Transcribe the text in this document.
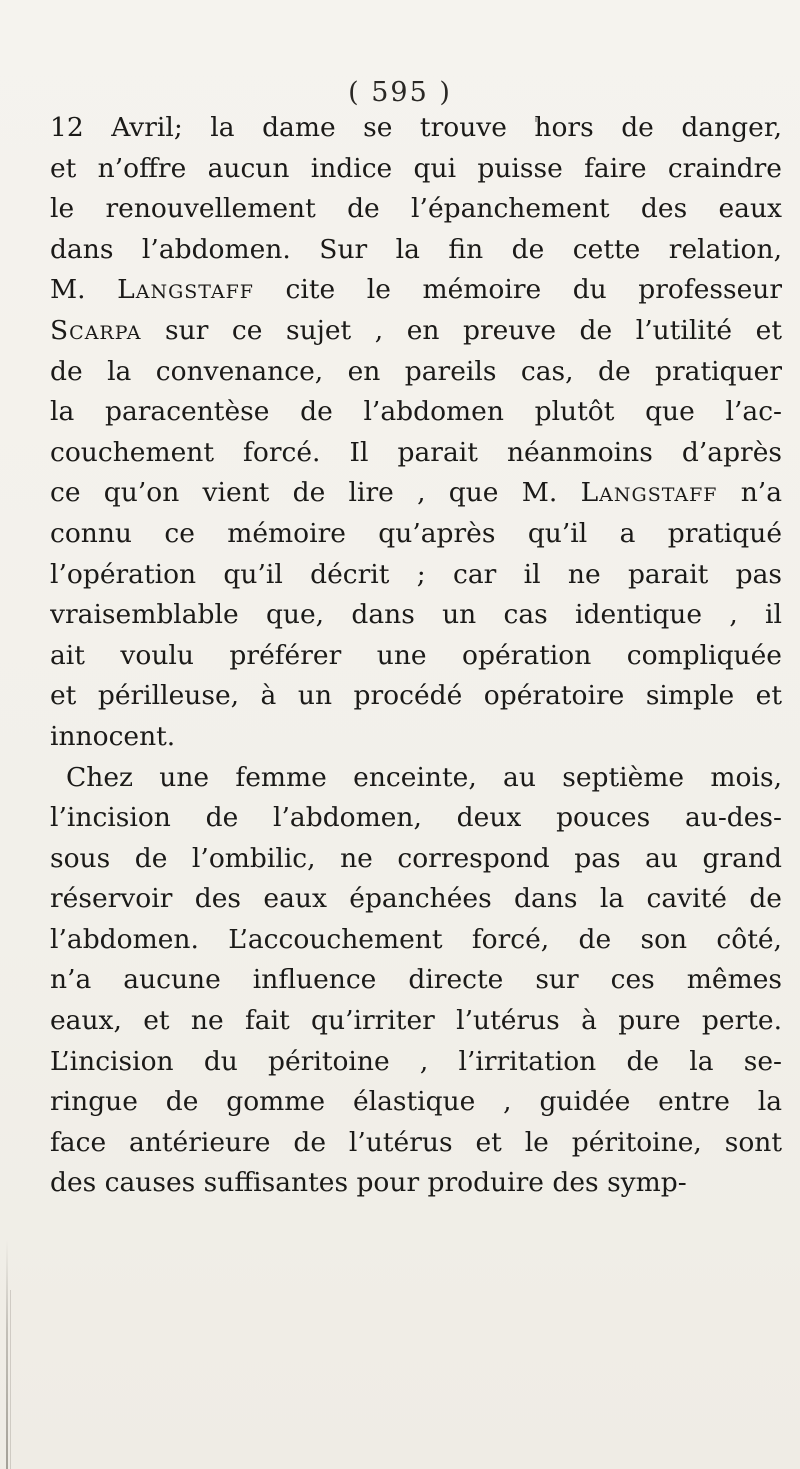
( 595 )
12 Avril; la dame se trouve hors de danger,
et n’offre aucun indice qui puisse faire craindre
le renouvellement de l’épanchement des eaux
dans l’abdomen. Sur la fin de cette relation,
M. Langstaff cite le mémoire du professeur
Scarpa sur ce sujet , en preuve de l’utilité et
de la convenance, en pareils cas, de pratiquer
la paracentèse de l’abdomen plutôt que l’ac-
couchement forcé. Il parait néanmoins d’après
ce qu’on vient de lire , que M. Langstaff n’a
connu ce mémoire qu’après qu’il a pratiqué
l’opération qu’il décrit ; car il ne parait pas
vraisemblable que, dans un cas identique , il
ait voulu préférer une opération compliquée
et périlleuse, à un procédé opératoire simple et
innocent.
Chez une femme enceinte, au septième mois,
l’incision de l’abdomen, deux pouces au-des-
sous de l’ombilic, ne correspond pas au grand
réservoir des eaux épanchées dans la cavité de
l’abdomen. L’accouchement forcé, de son côté,
n’a aucune influence directe sur ces mêmes
eaux, et ne fait qu’irriter l’utérus à pure perte.
L’incision du péritoine , l’irritation de la se-
ringue de gomme élastique , guidée entre la
face antérieure de l’utérus et le péritoine, sont
des causes suffisantes pour produire des symp-
